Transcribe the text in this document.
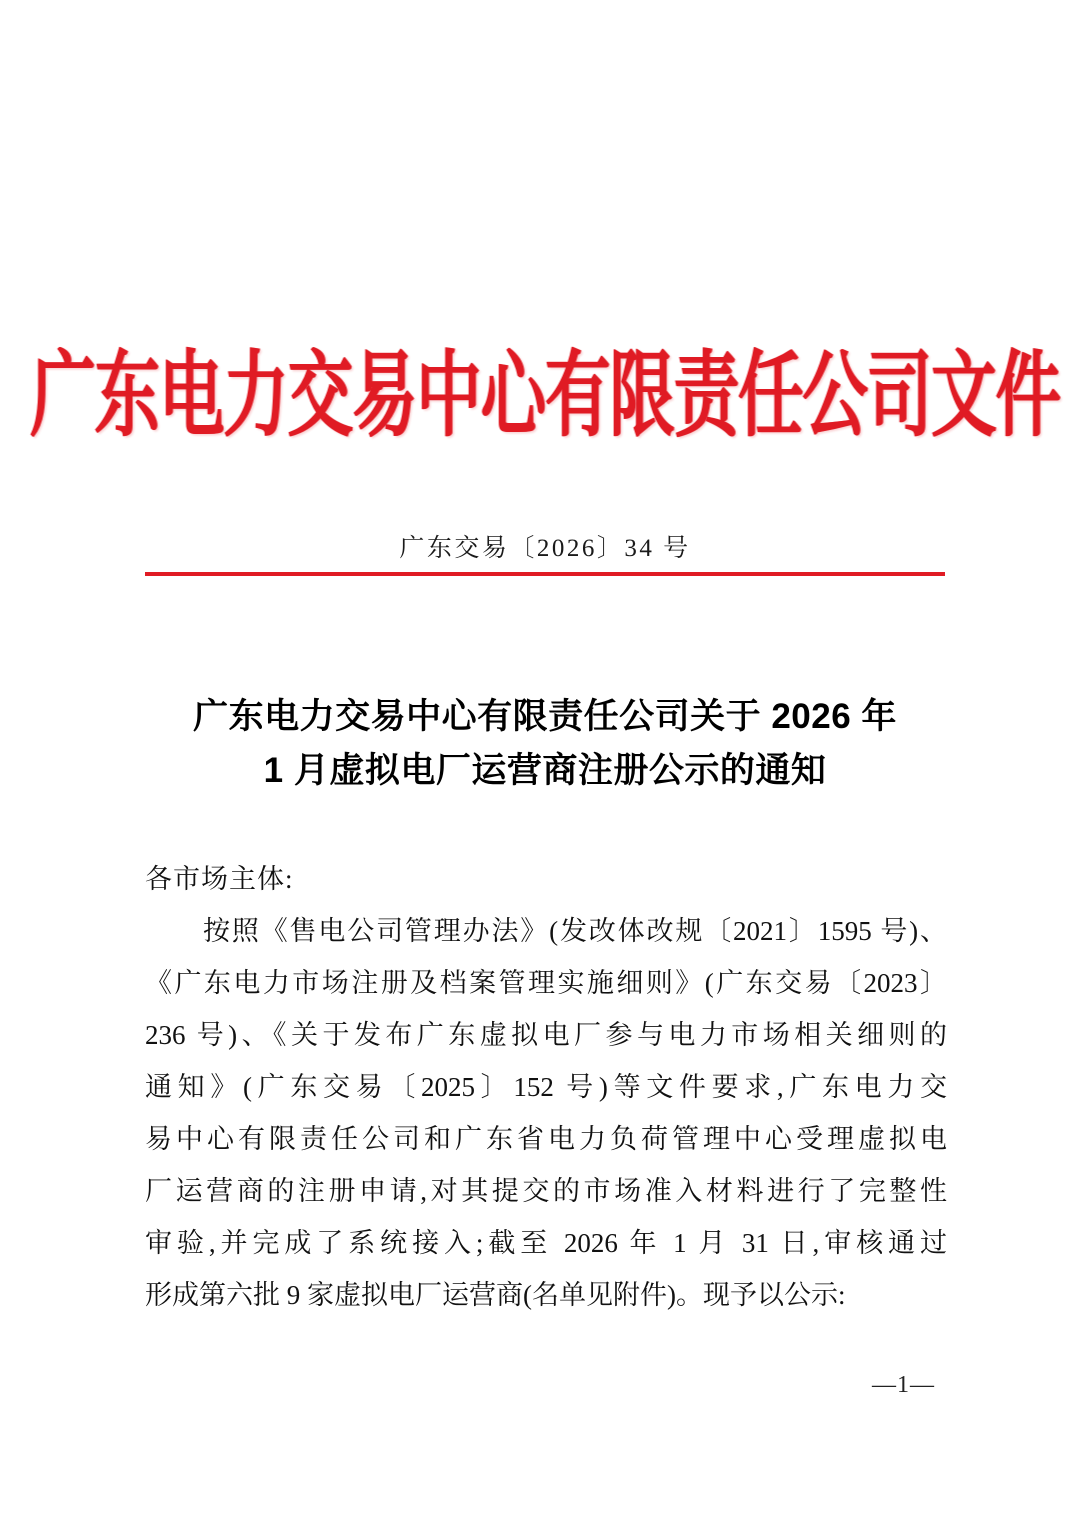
广东电力交易中心有限责任公司文件
广东交易〔2026〕34 号
广东电力交易中心有限责任公司关于 2026 年
1 月虚拟电厂运营商注册公示的通知
各市场主体:
按照《售电公司管理办法》(发改体改规〔2021〕1595 号)、
《广东电力市场注册及档案管理实施细则》(广东交易〔2023〕
236 号)、《关于发布广东虚拟电厂参与电力市场相关细则的
通知》(广东交易〔2025〕152 号)等文件要求,广东电力交
易中心有限责任公司和广东省电力负荷管理中心受理虚拟电
厂运营商的注册申请,对其提交的市场准入材料进行了完整性
审验,并完成了系统接入;截至 2026 年 1 月 31 日,审核通过
形成第六批 9 家虚拟电厂运营商(名单见附件)。现予以公示:
—1—
